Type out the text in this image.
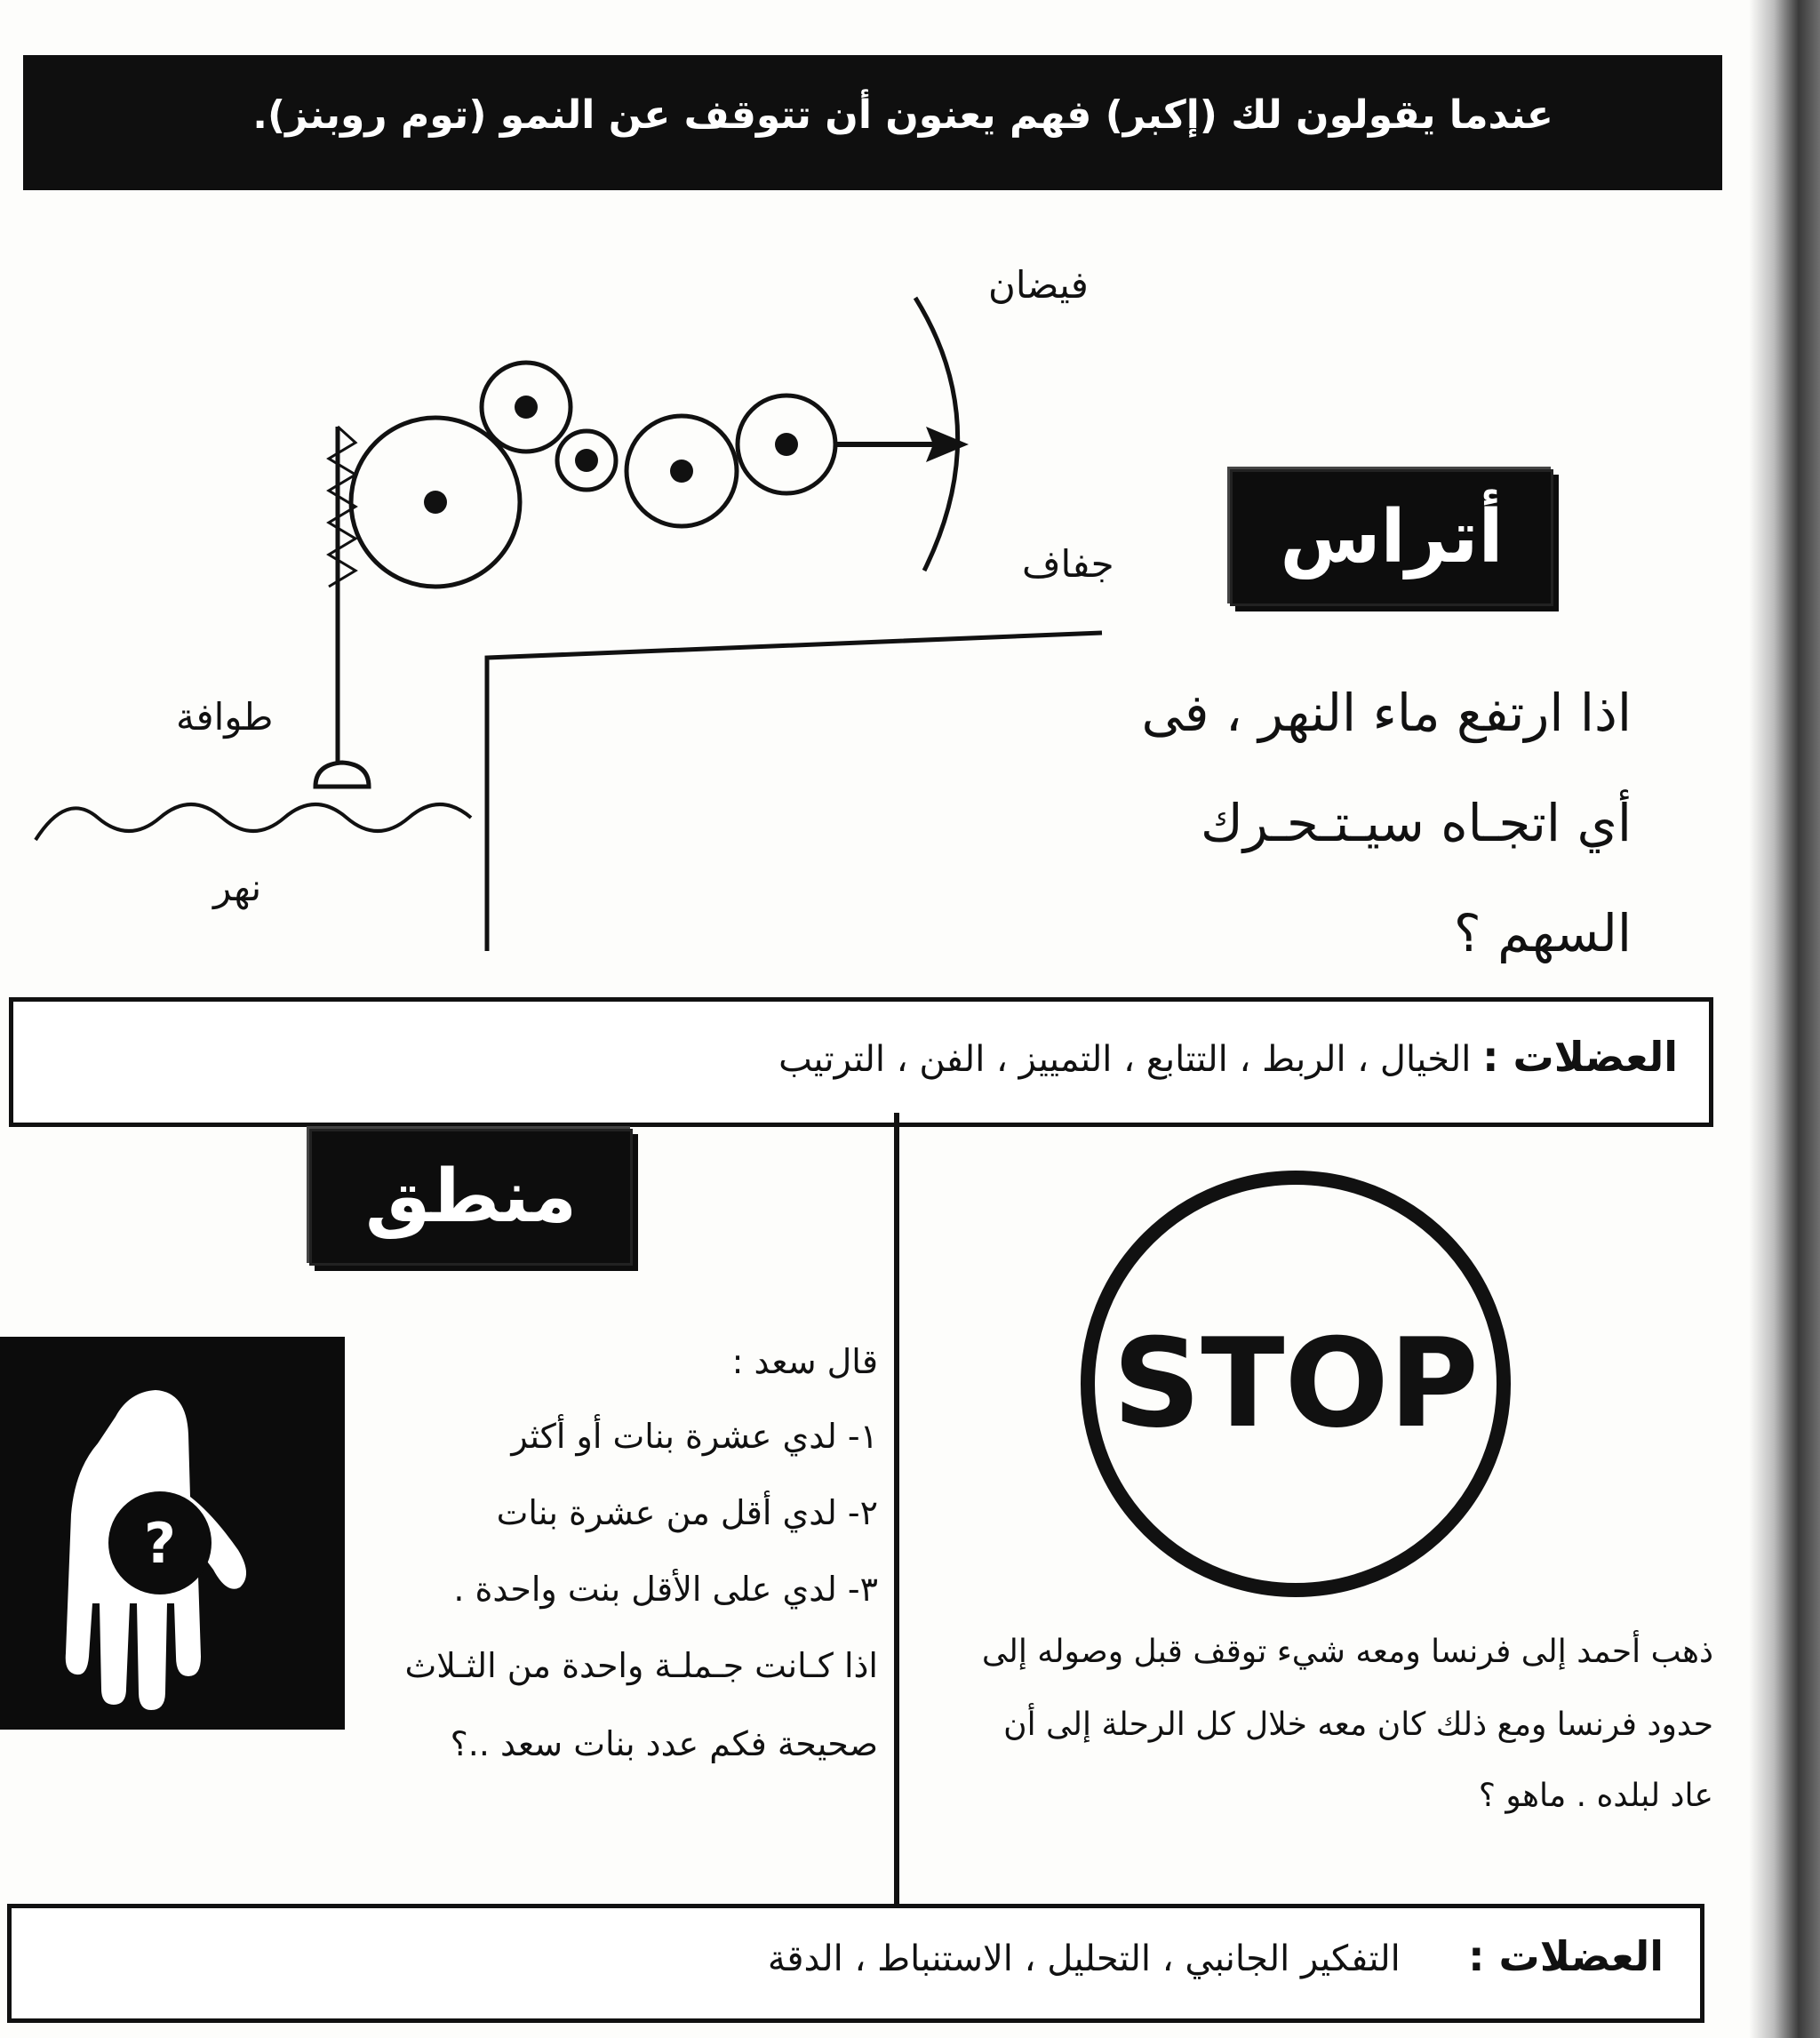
عندما يقولون لك (إكبر) فهم يعنون أن تتوقف عن النمو (توم روبنز).
فيضان
جفاف
طوافة
نهر
أتراس
اذا ارتفع ماء النهر ، فى
أي اتجـاه سيـتـحـرك
السهم ؟
العضلات : الخيال ، الربط ، التتابع ، التمييز ، الفن ، الترتيب
منطق
قال سعد :
١- لدي عشرة بنات أو أكثر
٢- لدي أقل من عشرة بنات
٣- لدي على الأقل بنت واحدة .
اذا كـانت جـملـة واحدة من الثـلاث
صحيحة فكم عدد بنات سعد ..؟
?
STOP
ذهب أحمد إلى فرنسا ومعه شيء توقف قبل وصوله إلى
حدود فرنسا ومع ذلك كان معه خلال كل الرحلة إلى أن
عاد لبلده . ماهو ؟
العضلات :      التفكير الجانبي ، التحليل ، الاستنباط ، الدقة
